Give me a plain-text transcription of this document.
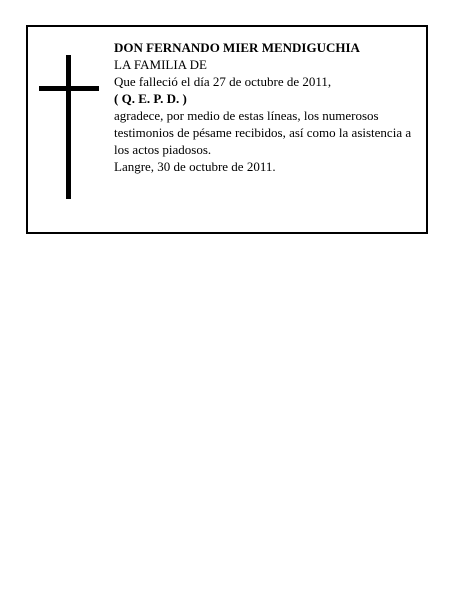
DON FERNANDO MIER MENDIGUCHIA

LA FAMILIA DE

Que falleció el día 27 de octubre de 2011,

( Q. E. P. D. )

agradece, por medio de estas líneas, los numerosos testimonios de pésame recibidos, así como la asistencia a los actos piadosos.

Langre, 30 de octubre de 2011.
